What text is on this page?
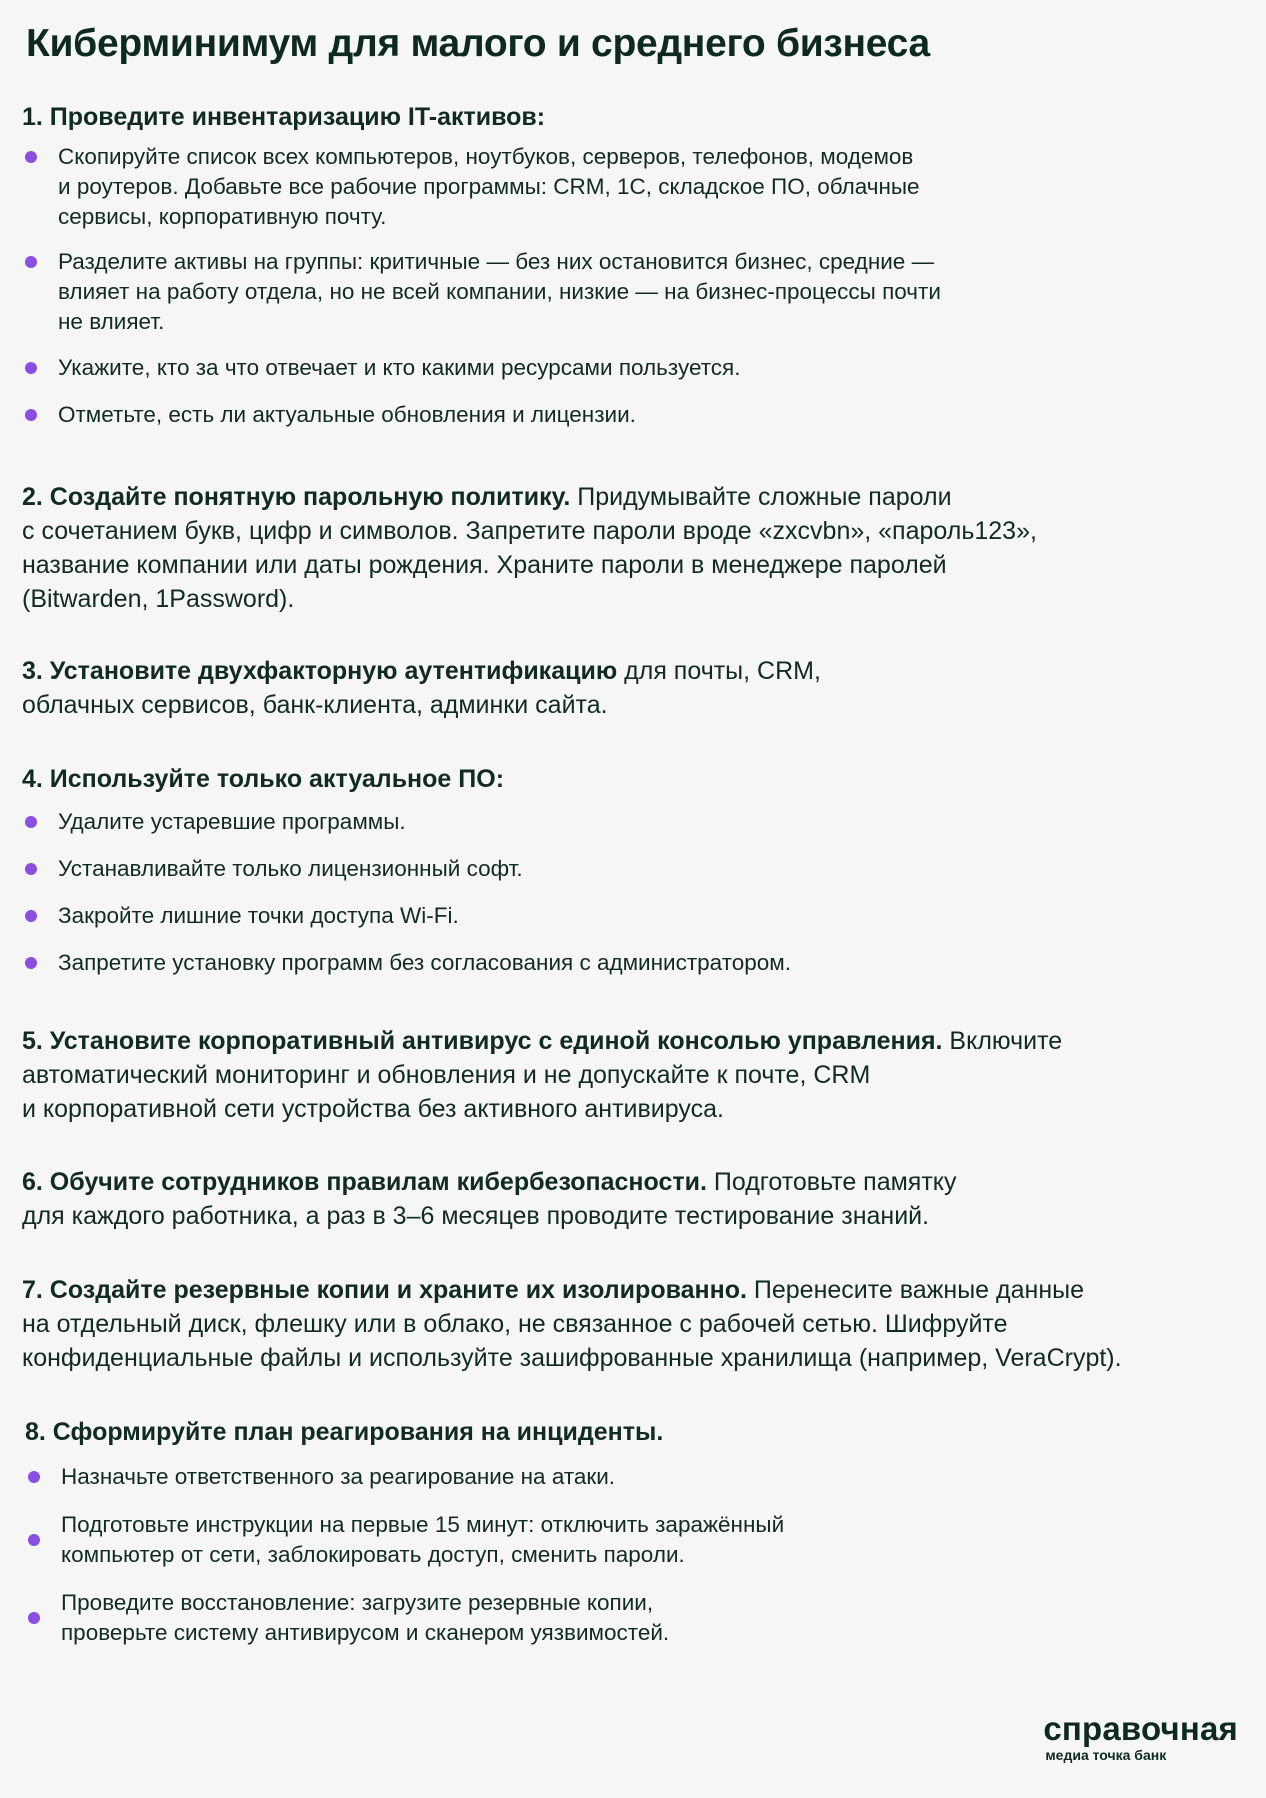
Киберминимум для малого и среднего бизнеса
1. Проведите инвентаризацию IT-активов:
Скопируйте список всех компьютеров, ноутбуков, серверов, телефонов, модемов
и роутеров. Добавьте все рабочие программы: CRM, 1С, складское ПО, облачные
сервисы, корпоративную почту.
Разделите активы на группы: критичные — без них остановится бизнес, средние —
влияет на работу отдела, но не всей компании, низкие — на бизнес-процессы почти
не влияет.
Укажите, кто за что отвечает и кто какими ресурсами пользуется.
Отметьте, есть ли актуальные обновления и лицензии.

2. Создайте понятную парольную политику. Придумывайте сложные пароли
с сочетанием букв, цифр и символов. Запретите пароли вроде «zxcvbn», «пароль123»,
название компании или даты рождения. Храните пароли в менеджере паролей
(Bitwarden, 1Password).

3. Установите двухфакторную аутентификацию для почты, CRM,
облачных сервисов, банк-клиента, админки сайта.

4. Используйте только актуальное ПО:
Удалите устаревшие программы.
Устанавливайте только лицензионный софт.
Закройте лишние точки доступа Wi-Fi.
Запретите установку программ без согласования с администратором.

5. Установите корпоративный антивирус с единой консолью управления. Включите
автоматический мониторинг и обновления и не допускайте к почте, CRM
и корпоративной сети устройства без активного антивируса.

6. Обучите сотрудников правилам кибербезопасности. Подготовьте памятку
для каждого работника, а раз в 3–6 месяцев проводите тестирование знаний.

7. Создайте резервные копии и храните их изолированно. Перенесите важные данные
на отдельный диск, флешку или в облако, не связанное с рабочей сетью. Шифруйте
конфиденциальные файлы и используйте зашифрованные хранилища (например, VeraCrypt).

8. Сформируйте план реагирования на инциденты.
Назначьте ответственного за реагирование на атаки.
Подготовьте инструкции на первые 15 минут: отключить заражённый
компьютер от сети, заблокировать доступ, сменить пароли.
Проведите восстановление: загрузите резервные копии,
проверьте систему антивирусом и сканером уязвимостей.
справочная
медиа точка банк
